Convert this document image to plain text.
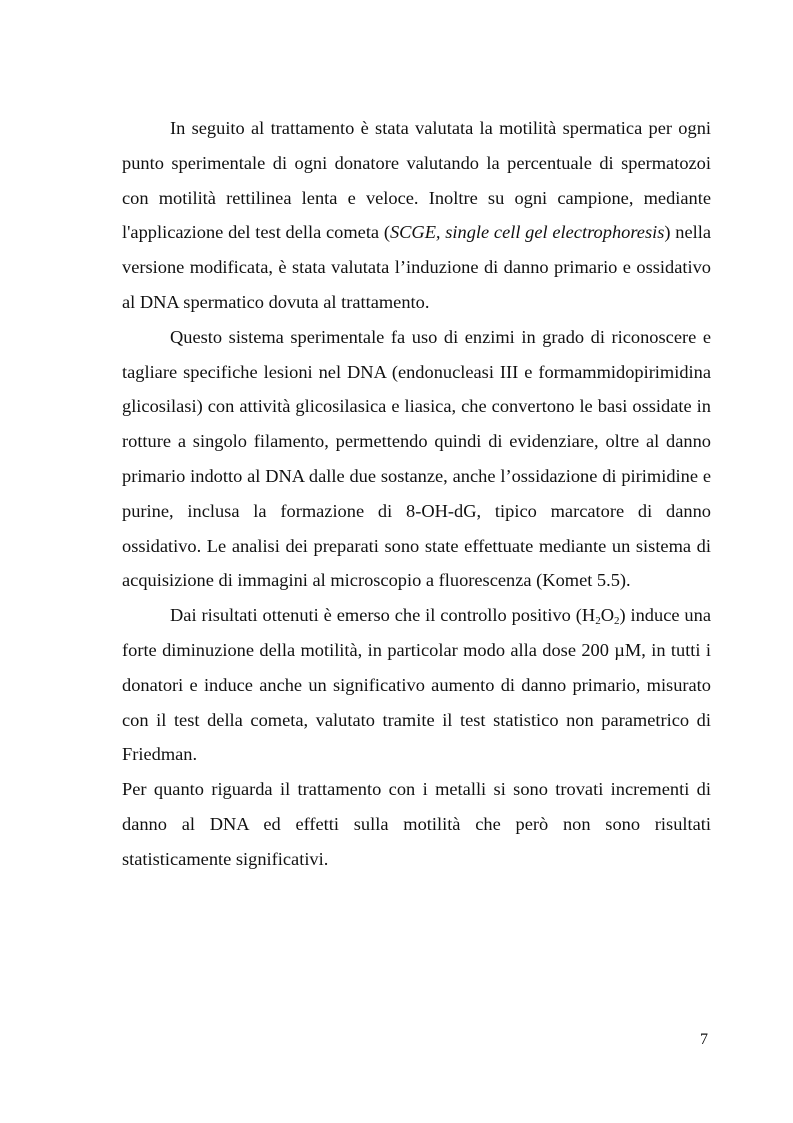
In seguito al trattamento è stata valutata la motilità spermatica per ogni punto sperimentale di ogni donatore valutando la percentuale di spermatozoi con motilità rettilinea lenta e veloce. Inoltre su ogni campione, mediante l'applicazione del test della cometa (SCGE, single cell gel electrophoresis) nella versione modificata, è stata valutata l’induzione di danno primario e ossidativo al DNA spermatico dovuta al trattamento.

Questo sistema sperimentale fa uso di enzimi in grado di riconoscere e tagliare specifiche lesioni nel DNA (endonucleasi III e formammidopirimidina glicosilasi) con attività glicosilasica e liasica, che convertono le basi ossidate in rotture a singolo filamento, permettendo quindi di evidenziare, oltre al danno primario indotto al DNA dalle due sostanze, anche l’ossidazione di pirimidine e purine, inclusa la formazione di 8-OH-dG, tipico marcatore di danno ossidativo. Le analisi dei preparati sono state effettuate mediante un sistema di acquisizione di immagini al microscopio a fluorescenza (Komet 5.5).

Dai risultati ottenuti è emerso che il controllo positivo $(H_2O_2)$ induce una forte diminuzione della motilità, in particolar modo alla dose 200 µM, in tutti i donatori e induce anche un significativo aumento di danno primario, misurato con il test della cometa, valutato tramite il test statistico non parametrico di Friedman.

Per quanto riguarda il trattamento con i metalli si sono trovati incrementi di danno al DNA ed effetti sulla motilità che però non sono risultati statisticamente significativi.

7
